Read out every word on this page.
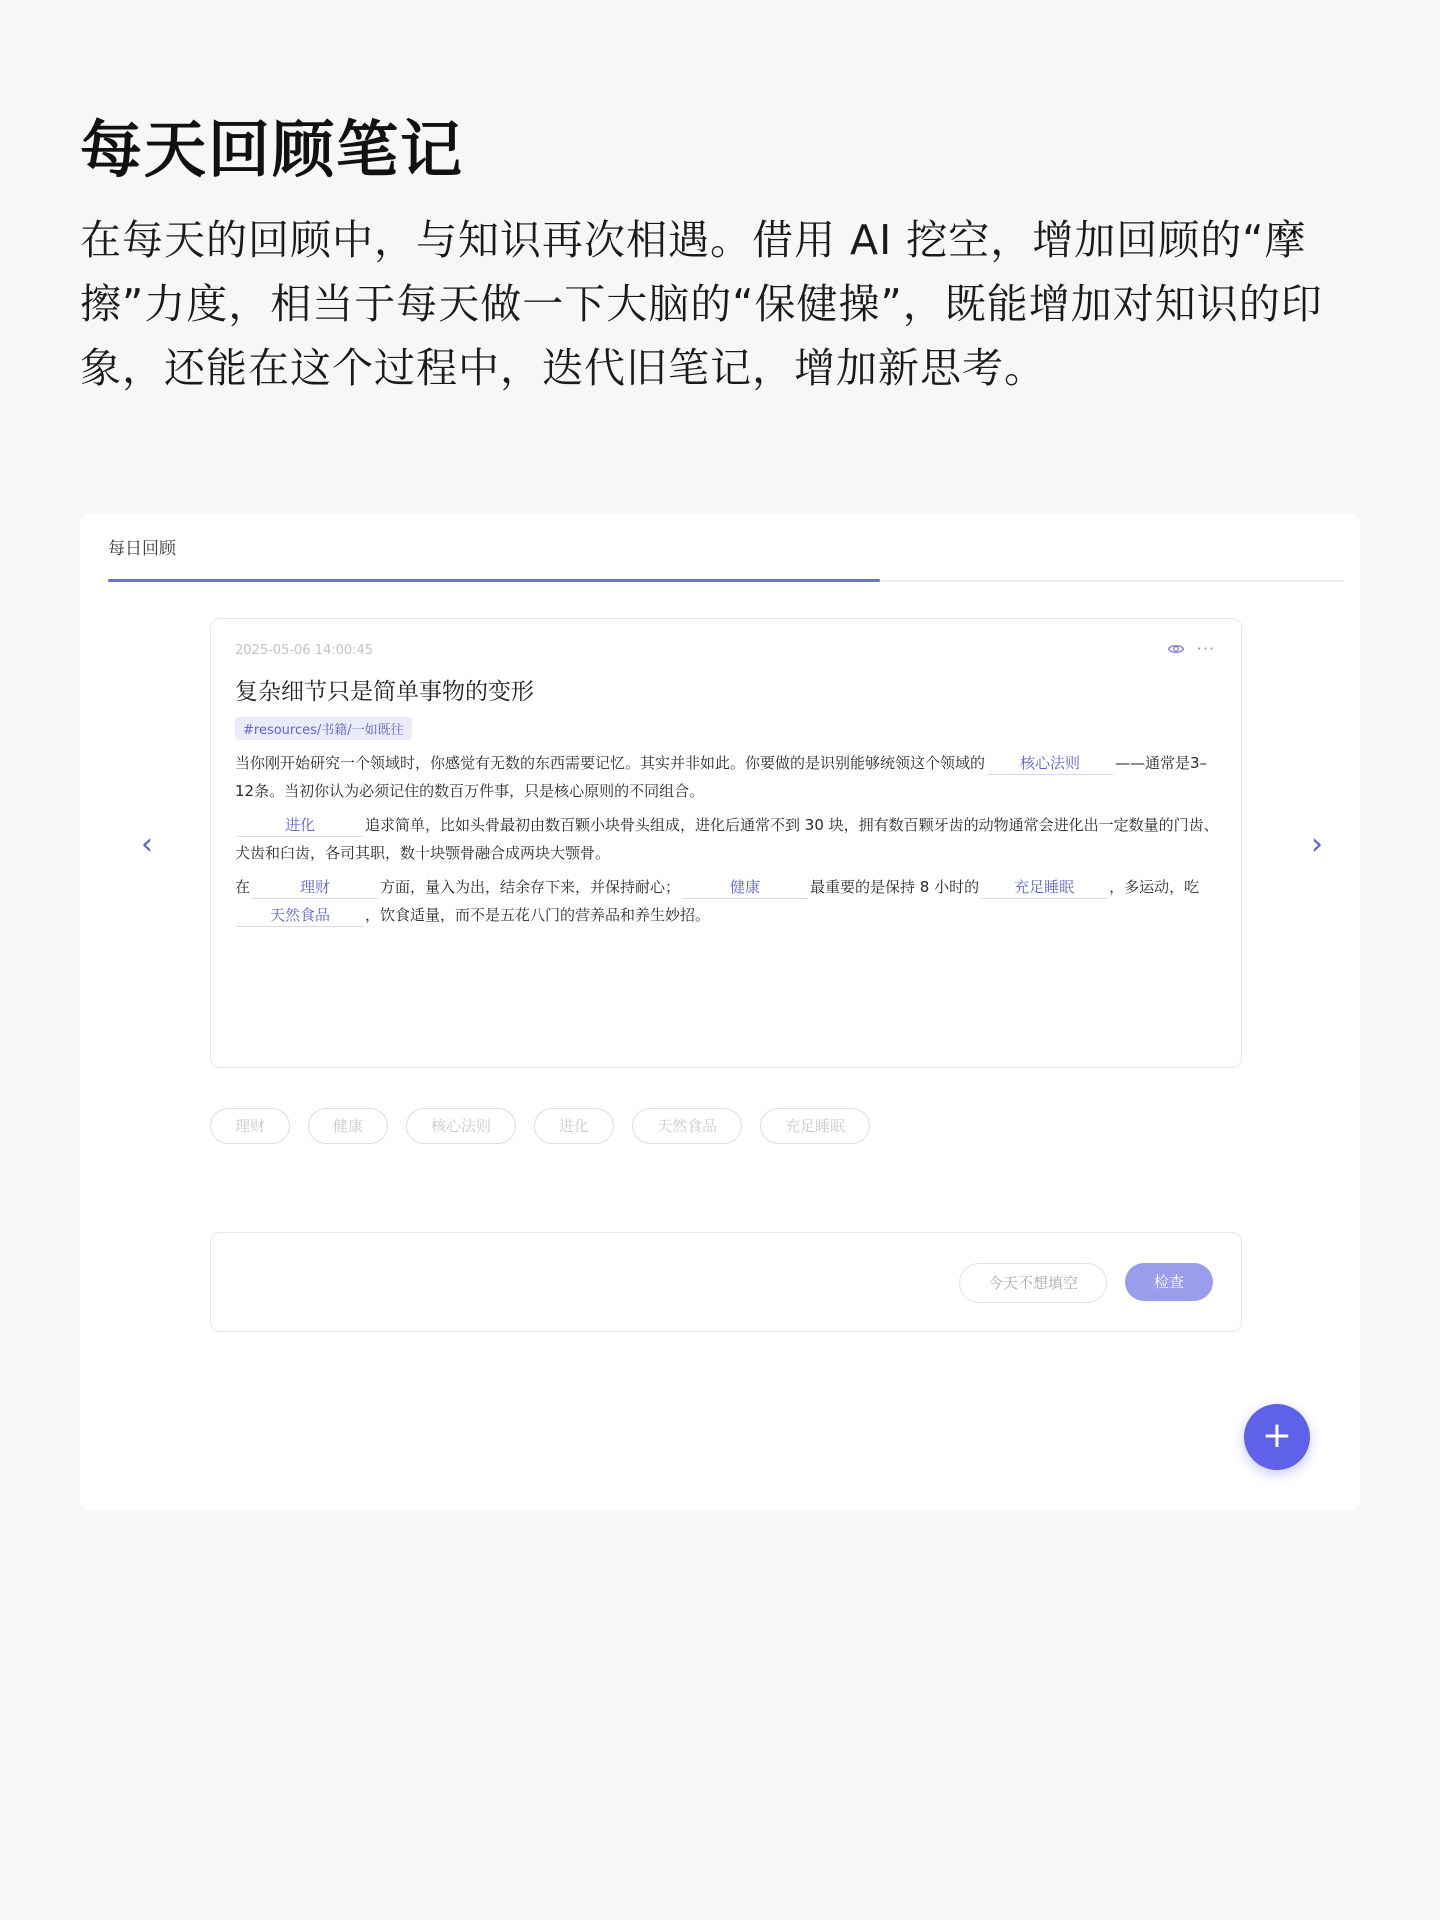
每天回顾笔记

在每天的回顾中，与知识再次相遇。借用 AI 挖空，增加回顾的“摩擦”力度，相当于每天做一下大脑的“保健操”，既能增加对知识的印象，还能在这个过程中，迭代旧笔记，增加新思考。

每日回顾
‹	›
2025-05-06 14:00:45	···
复杂细节只是简单事物的变形
#resources/书籍/一如既往

当你刚开始研究一个领域时，你感觉有无数的东西需要记忆。其实并非如此。你要做的是识别能够统领这个领域的 核心法则 ——通常是3–12条。当初你认为必须记住的数百万件事，只是核心原则的不同组合。

进化	追求简单，比如头骨最初由数百颗小块骨头组成，进化后通常不到 30 块，拥有数百颗牙齿的动物通常会进化出一定数量的门齿、犬齿和臼齿，各司其职，数十块颚骨融合成两块大颚骨。

在	理财	方面，量入为出，结余存下来，并保持耐心；	健康	最重要的是保持 8 小时的 充足睡眠 ，多运动，吃天然食品 ，饮食适量，而不是五花八门的营养品和养生妙招。

理财	健康	核心法则	进化	天然食品	充足睡眠
今天不想填空	检查
+
